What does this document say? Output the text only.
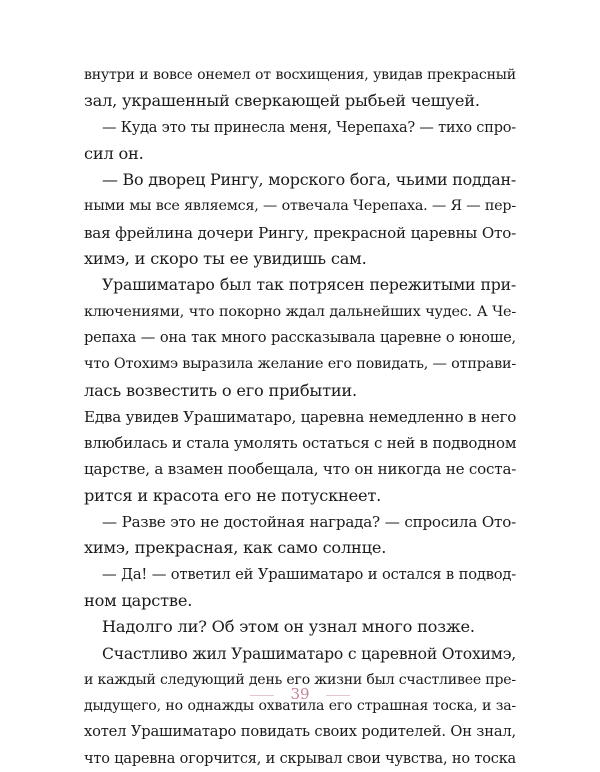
внутри и вовсе онемел от восхищения, увидав прекрасный
зал, украшенный сверкающей рыбьей чешуей.
— Куда это ты принесла меня, Черепаха? — тихо спро-
сил он.
— Во дворец Рингу, морского бога, чьими поддан-
ными мы все являемся, — отвечала Черепаха. — Я — пер-
вая фрейлина дочери Рингу, прекрасной царевны Ото-
химэ, и скоро ты ее увидишь сам.
Урашиматаро был так потрясен пережитыми при-
ключениями, что покорно ждал дальнейших чудес. А Че-
репаха — она так много рассказывала царевне о юноше,
что Отохимэ выразила желание его повидать, — отправи-
лась возвестить о его прибытии.
Едва увидев Урашиматаро, царевна немедленно в него
влюбилась и стала умолять остаться с ней в подводном
царстве, а взамен пообещала, что он никогда не соста-
рится и красота его не потускнеет.
— Разве это не достойная награда? — спросила Ото-
химэ, прекрасная, как само солнце.
— Да! — ответил ей Урашиматаро и остался в подвод-
ном царстве.
Надолго ли? Об этом он узнал много позже.
Счастливо жил Урашиматаро с царевной Отохимэ,
и каждый следующий день его жизни был счастливее пре-
дыдущего, но однажды охватила его страшная тоска, и за-
хотел Урашиматаро повидать своих родителей. Он знал,
что царевна огорчится, и скрывал свои чувства, но тоска
39
